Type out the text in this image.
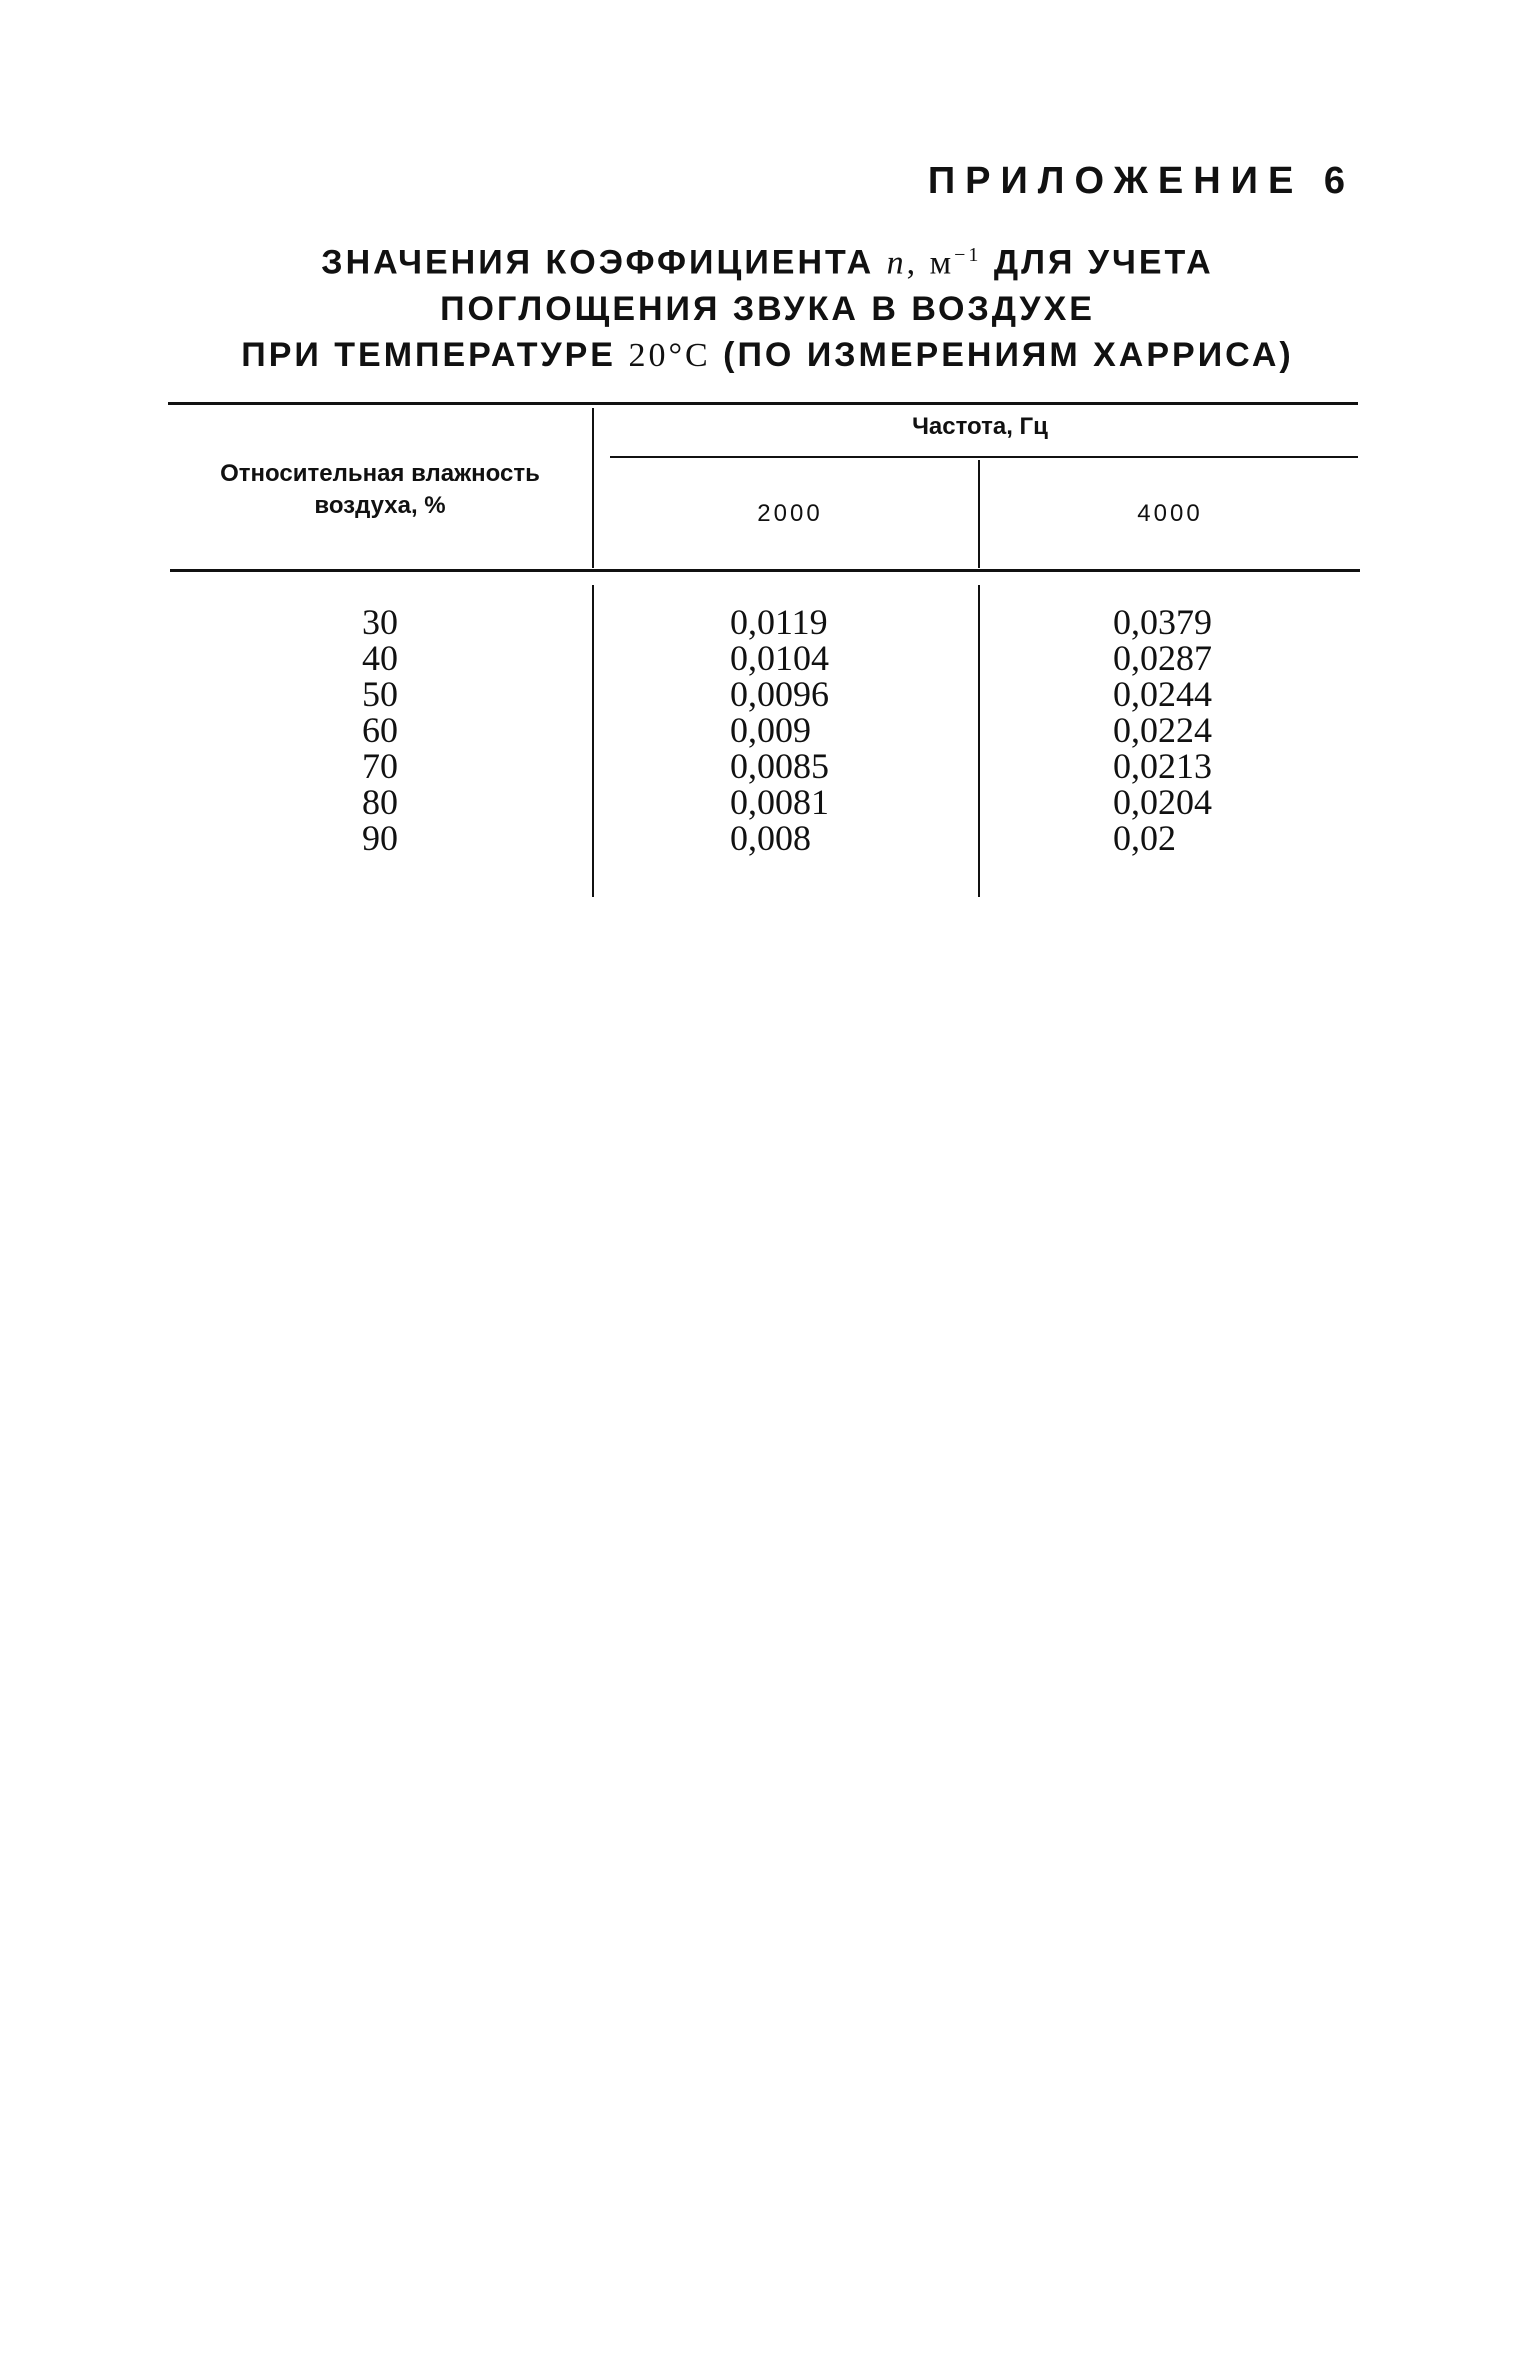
ПРИЛОЖЕНИЕ 6
ЗНАЧЕНИЯ КОЭФФИЦИЕНТА n, $м^{-1}$ ДЛЯ УЧЕТА
ПОГЛОЩЕНИЯ ЗВУКА В ВОЗДУХЕ
ПРИ ТЕМПЕРАТУРЕ 20°С (ПО ИЗМЕРЕНИЯМ ХАРРИСА)
Относительная влажность воздуха, %
Частота, Гц
2000	4000
30
40
50
60
70
80
90
0,0119
0,0104
0,0096
0,009
0,0085
0,0081
0,008
0,0379
0,0287
0,0244
0,0224
0,0213
0,0204
0,02
